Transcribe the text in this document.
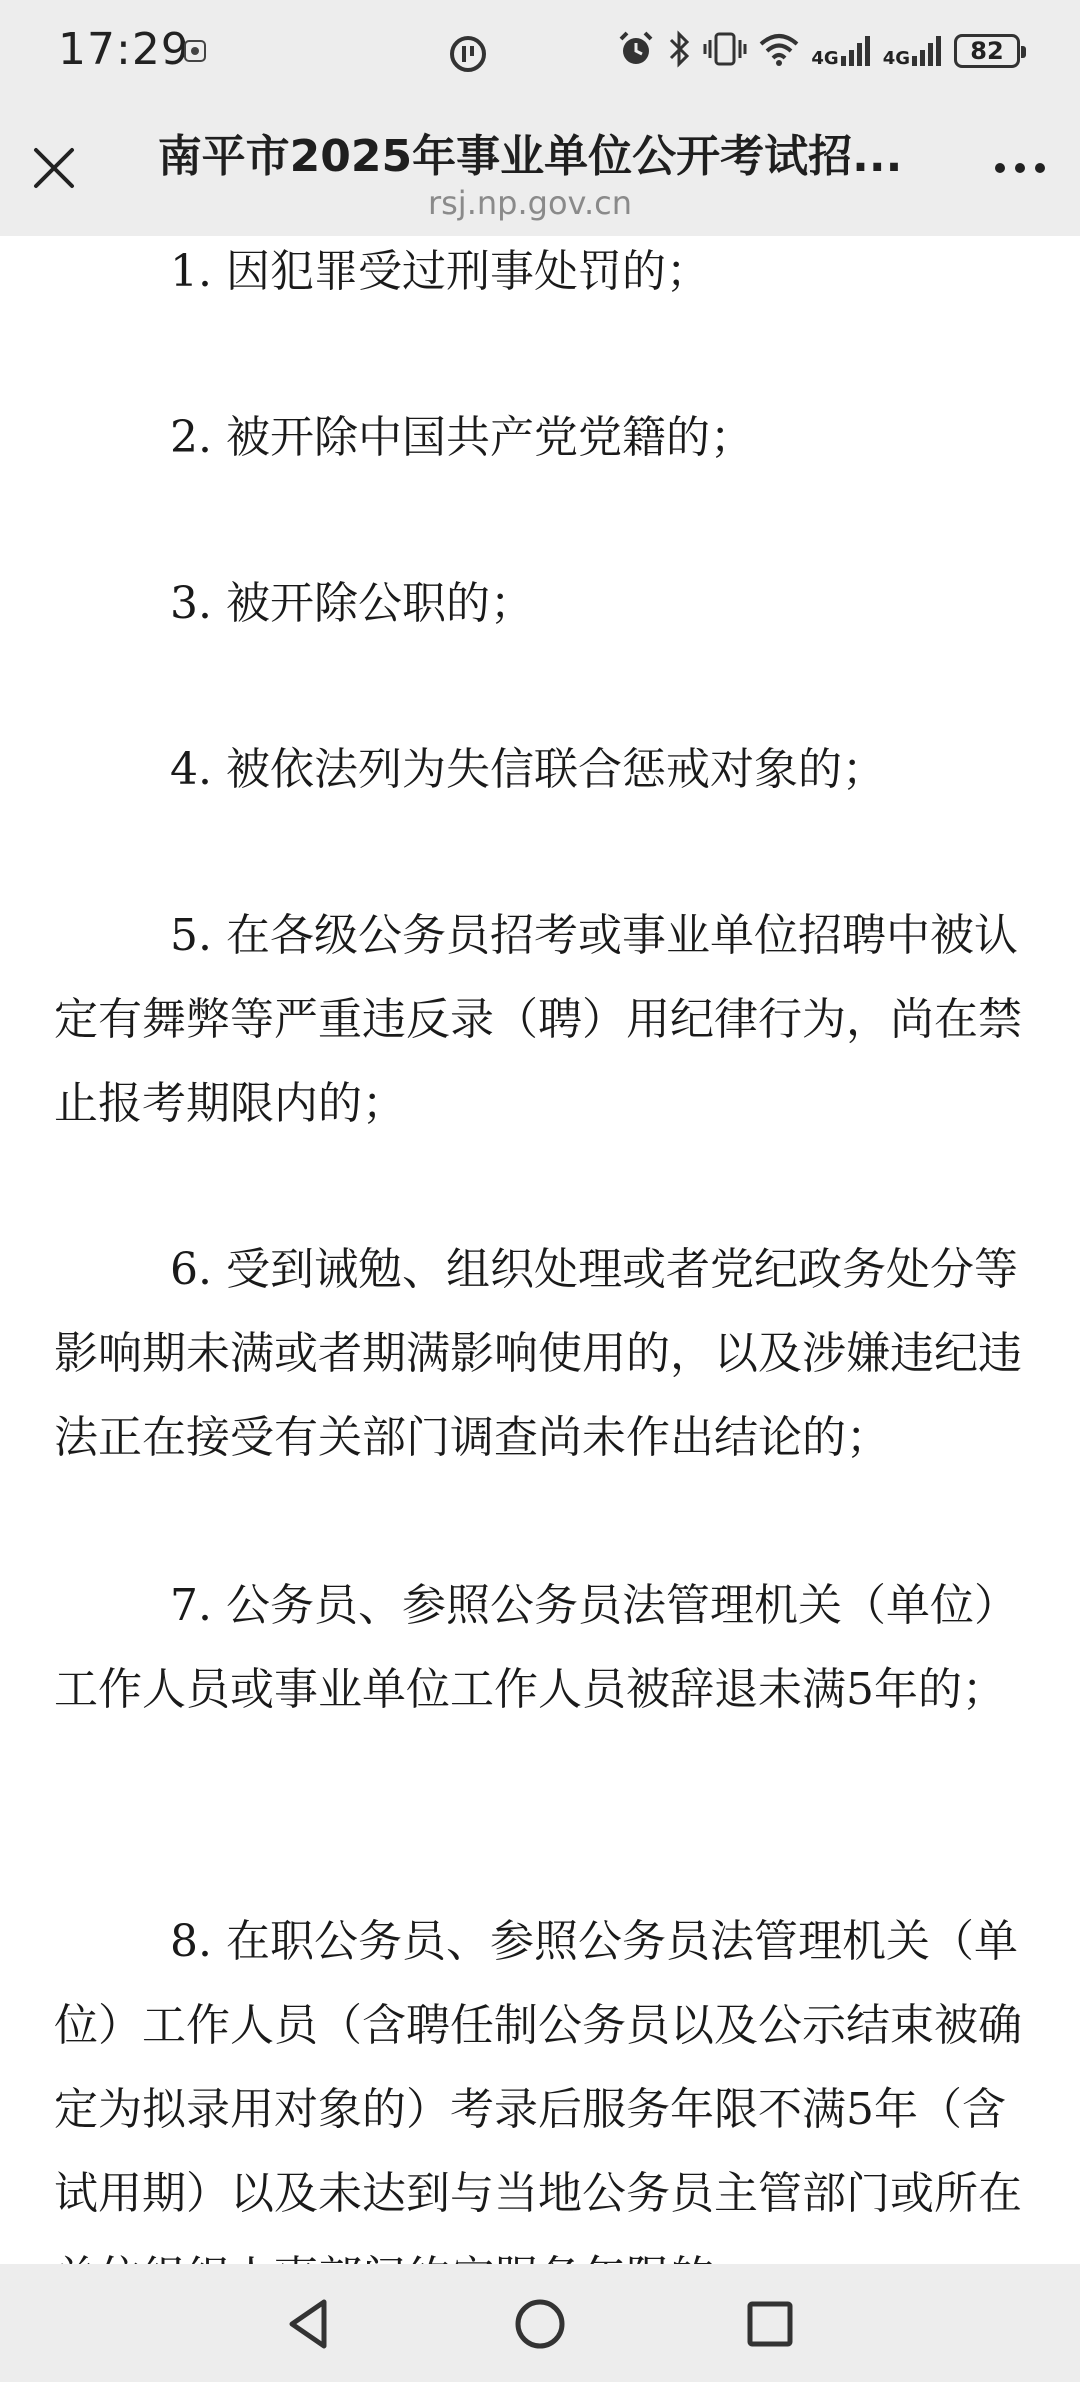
17:29	4G 4G	82
南平市2025年事业单位公开考试招...
rsj.np.gov.cn

1. 因犯罪受过刑事处罚的；

2. 被开除中国共产党党籍的；

3. 被开除公职的；

4. 被依法列为失信联合惩戒对象的；

5. 在各级公务员招考或事业单位招聘中被认定有舞弊等严重违反录（聘）用纪律行为，尚在禁止报考期限内的；

6. 受到诫勉、组织处理或者党纪政务处分等影响期未满或者期满影响使用的，以及涉嫌违纪违法正在接受有关部门调查尚未作出结论的；

7. 公务员、参照公务员法管理机关（单位）工作人员或事业单位工作人员被辞退未满5年的；

8. 在职公务员、参照公务员法管理机关（单位）工作人员（含聘任制公务员以及公示结束被确定为拟录用对象的）考录后服务年限不满5年（含试用期）以及未达到与当地公务员主管部门或所在
